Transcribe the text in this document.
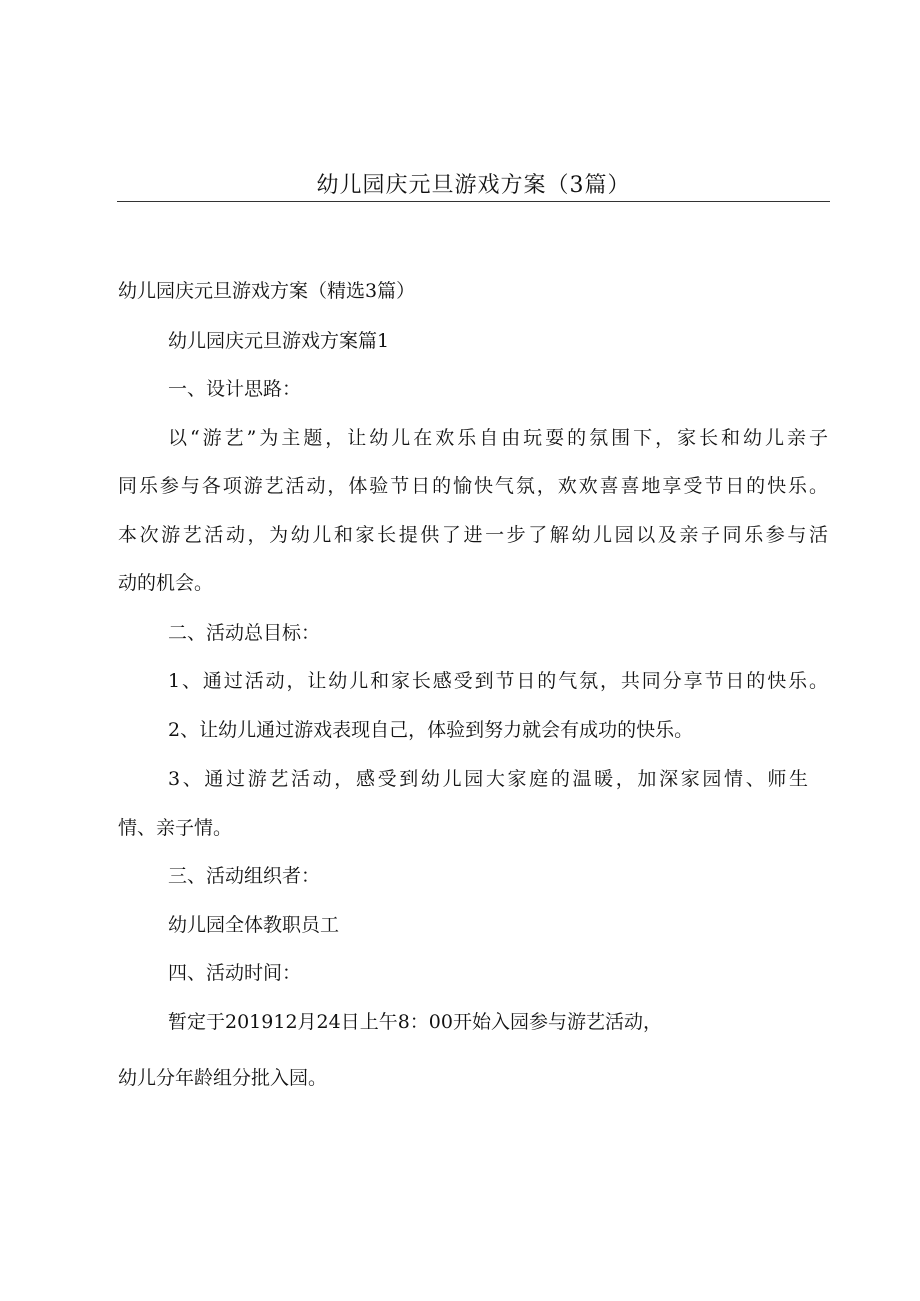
幼儿园庆元旦游戏方案（3篇）
幼儿园庆元旦游戏方案（精选3篇）
幼儿园庆元旦游戏方案篇1
一、设计思路：
以“游艺”为主题，让幼儿在欢乐自由玩耍的氛围下，家长和幼儿亲子
同乐参与各项游艺活动，体验节日的愉快气氛，欢欢喜喜地享受节日的快乐。
本次游艺活动，为幼儿和家长提供了进一步了解幼儿园以及亲子同乐参与活
动的机会。
二、活动总目标：
1、通过活动，让幼儿和家长感受到节日的气氛，共同分享节日的快乐。
2、让幼儿通过游戏表现自己，体验到努力就会有成功的快乐。
3、通过游艺活动，感受到幼儿园大家庭的温暖，加深家园情、师生
情、亲子情。
三、活动组织者：
幼儿园全体教职员工
四、活动时间：
暂定于201912月24日上午8：00开始入园参与游艺活动，
幼儿分年龄组分批入园。
